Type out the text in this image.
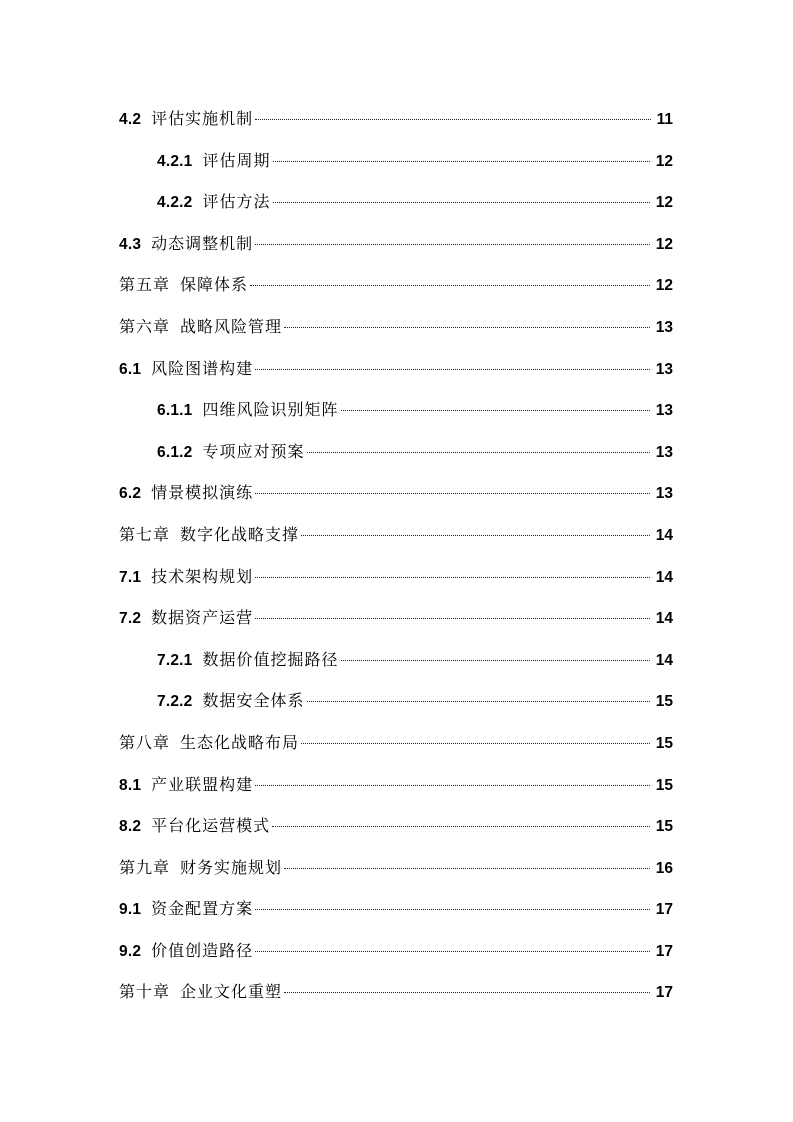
4.2 评估实施机制	11
4.2.1 评估周期	12
4.2.2 评估方法	12
4.3 动态调整机制	12
第五章 保障体系	12
第六章 战略风险管理	13
6.1 风险图谱构建	13
6.1.1 四维风险识别矩阵	13
6.1.2 专项应对预案	13
6.2 情景模拟演练	13
第七章 数字化战略支撑	14
7.1 技术架构规划	14
7.2 数据资产运营	14
7.2.1 数据价值挖掘路径	14
7.2.2 数据安全体系	15
第八章 生态化战略布局	15
8.1 产业联盟构建	15
8.2 平台化运营模式	15
第九章 财务实施规划	16
9.1 资金配置方案	17
9.2 价值创造路径	17
第十章 企业文化重塑	17
